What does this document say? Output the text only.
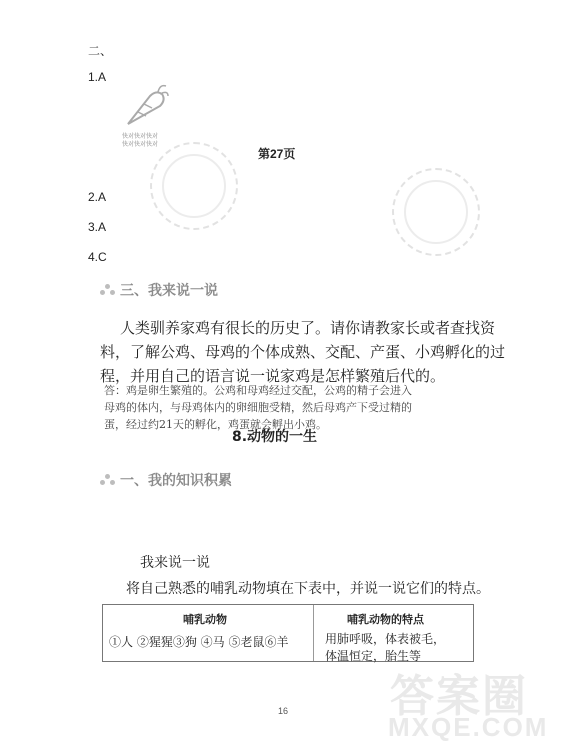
二、
1.A
快对快对快对
快对快对快对
第27页
2.A
3.A
4.C
三、我来说一说
人类驯养家鸡有很长的历史了。请你请教家长或者查找资
料，了解公鸡、母鸡的个体成熟、交配、产蛋、小鸡孵化的过
程，并用自己的语言说一说家鸡是怎样繁殖后代的。
答：鸡是卵生繁殖的。公鸡和母鸡经过交配，公鸡的精子会进入
母鸡的体内，与母鸡体内的卵细胞受精，然后母鸡产下受过精的
蛋，经过约21天的孵化，鸡蛋就会孵出小鸡。
8.动物的一生
一、我的知识积累
我来说一说
将自己熟悉的哺乳动物填在下表中，并说一说它们的特点。
哺乳动物	哺乳动物的特点
①人 ②猩猩③狗 ④马 ⑤老鼠⑥羊	用肺呼吸，体表被毛，
体温恒定，胎生等
16 答案圈
MXQE.COM
